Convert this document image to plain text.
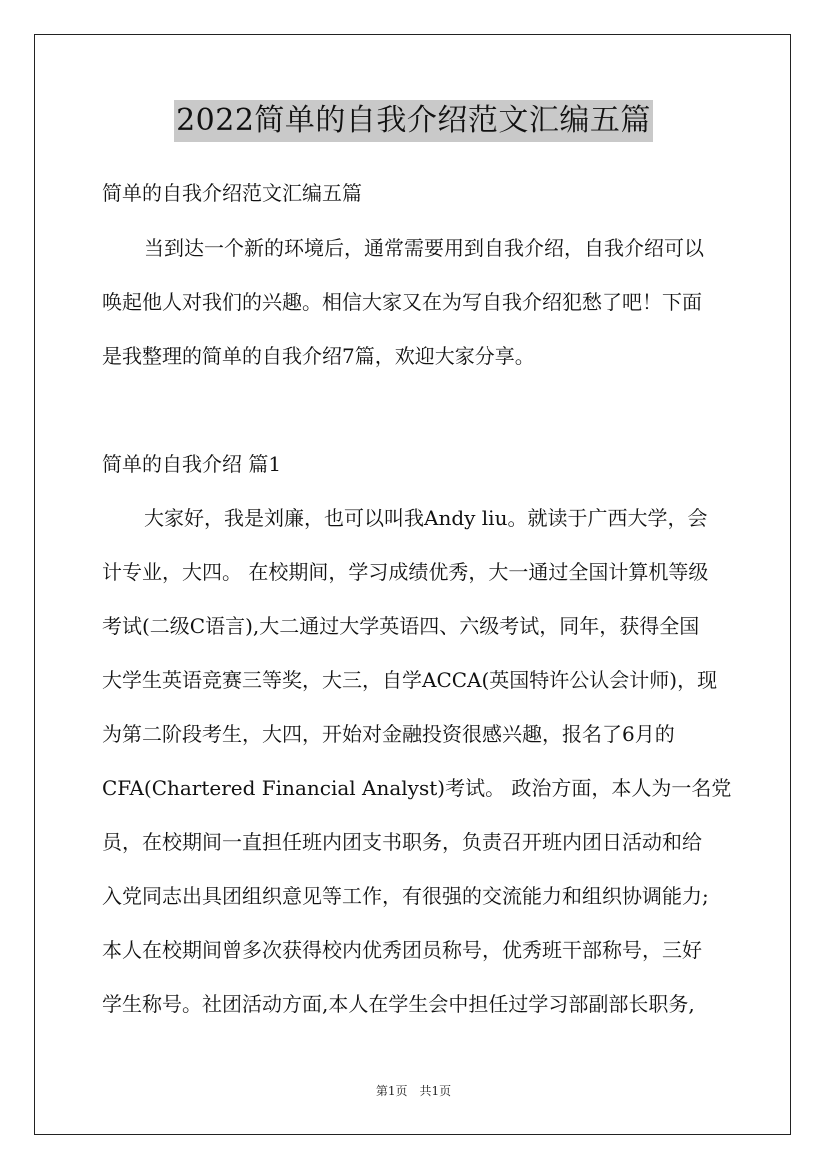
2022简单的自我介绍范文汇编五篇
简单的自我介绍范文汇编五篇
当到达一个新的环境后，通常需要用到自我介绍，自我介绍可以
唤起他人对我们的兴趣。相信大家又在为写自我介绍犯愁了吧！下面
是我整理的简单的自我介绍7篇，欢迎大家分享。
简单的自我介绍 篇1
大家好，我是刘廉，也可以叫我Andy liu。就读于广西大学，会
计专业，大四。 在校期间，学习成绩优秀，大一通过全国计算机等级
考试(二级C语言),大二通过大学英语四、六级考试，同年，获得全国
大学生英语竞赛三等奖，大三，自学ACCA(英国特许公认会计师)，现
为第二阶段考生，大四，开始对金融投资很感兴趣，报名了6月的
CFA(Chartered Financial Analyst)考试。 政治方面，本人为一名党
员，在校期间一直担任班内团支书职务，负责召开班内团日活动和给
入党同志出具团组织意见等工作，有很强的交流能力和组织协调能力;
本人在校期间曾多次获得校内优秀团员称号，优秀班干部称号，三好
学生称号。社团活动方面,本人在学生会中担任过学习部副部长职务,
第1页　共1页
